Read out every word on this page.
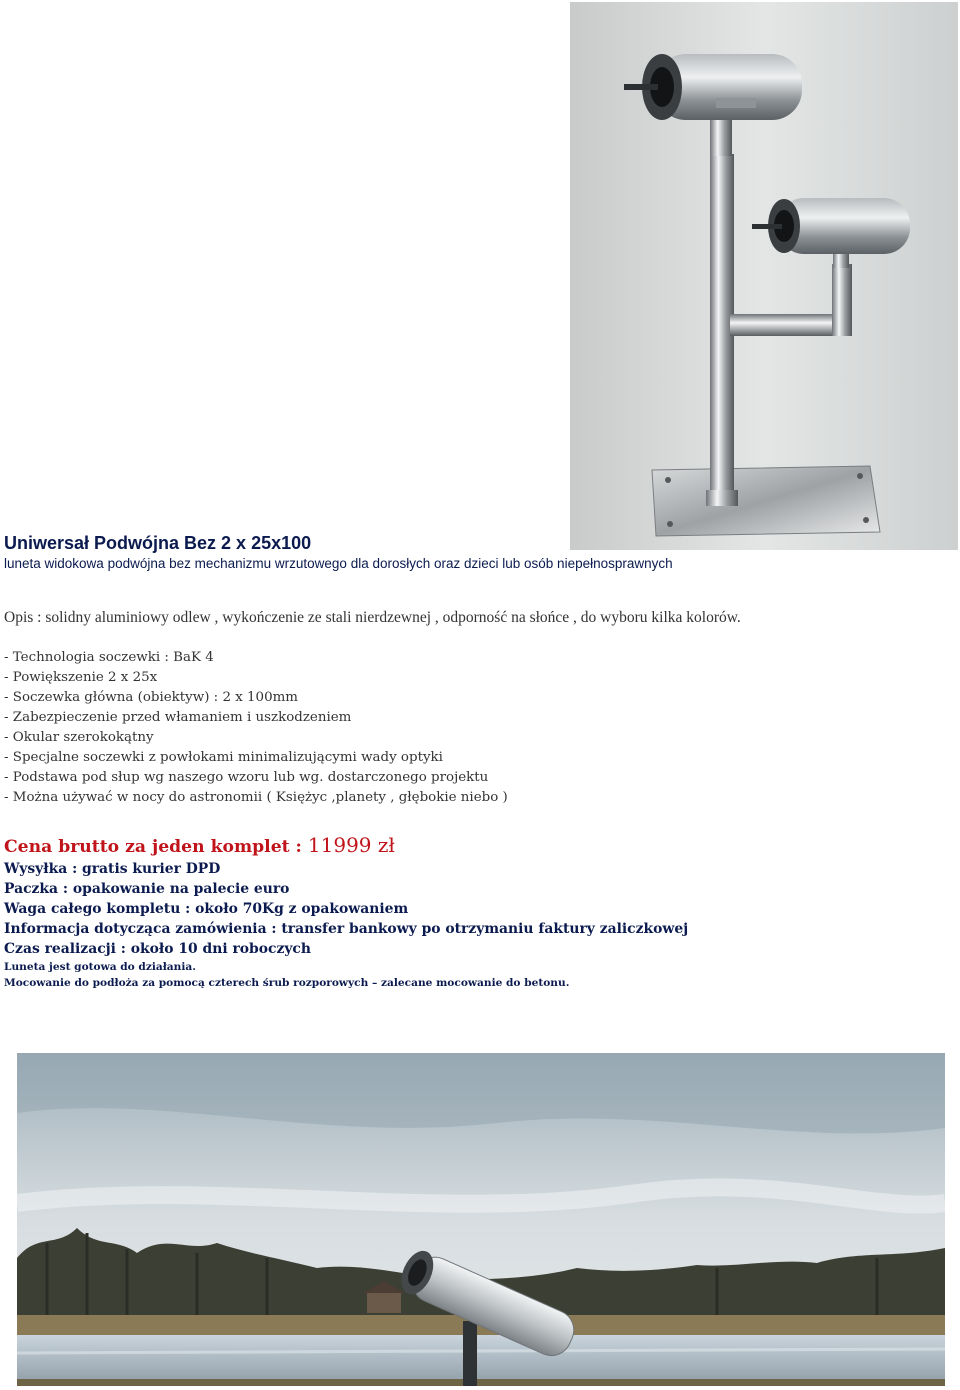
Uniwersał Podwójna Bez 2 x 25x100
luneta widokowa podwójna bez mechanizmu wrzutowego dla dorosłych oraz dzieci lub osób niepełnosprawnych
Opis : solidny aluminiowy odlew , wykończenie ze stali nierdzewnej , odporność na słońce , do wyboru kilka kolorów.
- Technologia soczewki : BaK 4
- Powiększenie 2 x 25x
- Soczewka główna (obiektyw) : 2 x 100mm
- Zabezpieczenie przed włamaniem i uszkodzeniem
- Okular szerokokątny
- Specjalne soczewki z powłokami minimalizującymi wady optyki
- Podstawa pod słup wg naszego wzoru lub wg. dostarczonego projektu
- Można używać w nocy do astronomii ( Księżyc ,planety , głębokie niebo )
Cena brutto za jeden komplet : 11999 zł
Wysyłka : gratis kurier DPD
Paczka : opakowanie na palecie euro
Waga całego kompletu : około 70Kg z opakowaniem
Informacja dotycząca zamówienia : transfer bankowy po otrzymaniu faktury zaliczkowej
Czas realizacji : około 10 dni roboczych
Luneta jest gotowa do działania.
Mocowanie do podłoża za pomocą czterech śrub rozporowych – zalecane mocowanie do betonu.
